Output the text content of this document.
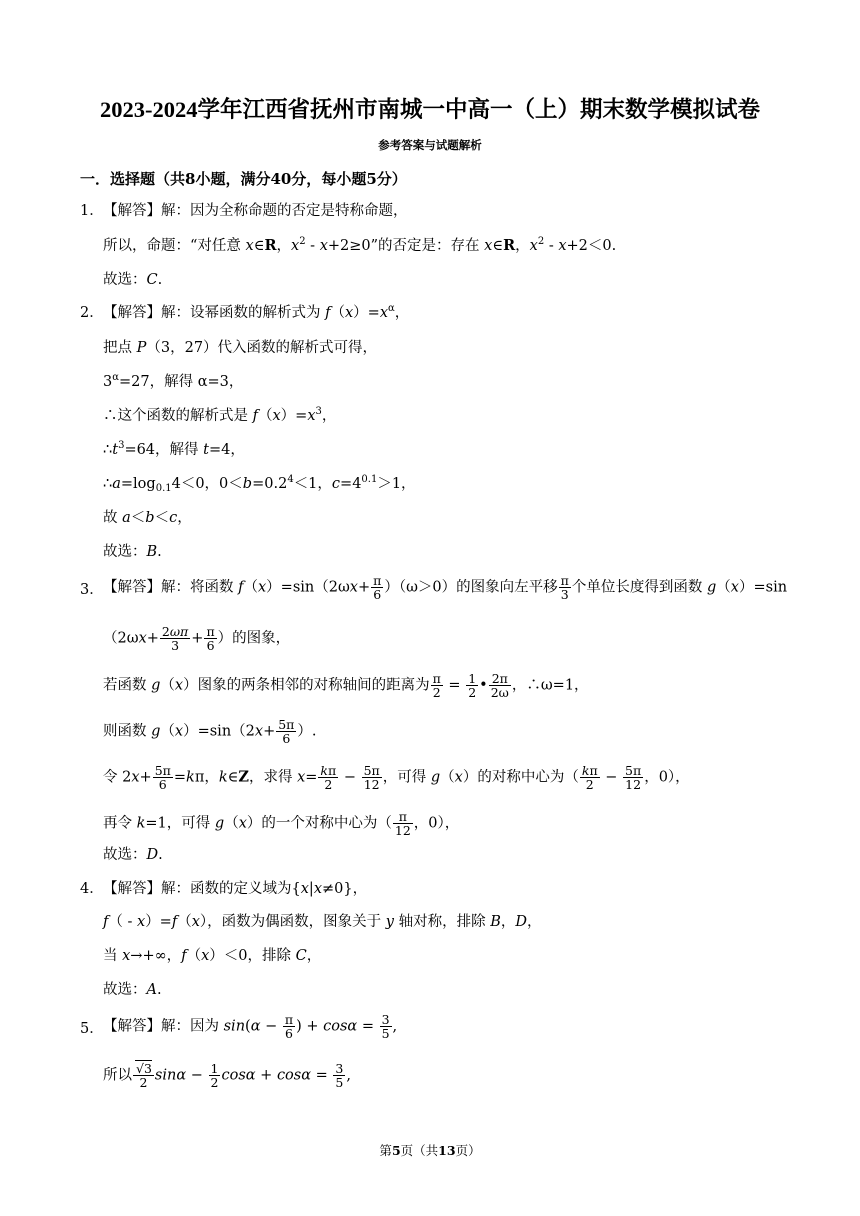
2023-2024学年江西省抚州市南城一中高一（上）期末数学模拟试卷
参考答案与试题解析
一．选择题（共8小题，满分40分，每小题5分）
1． 【解答】解：因为全称命题的否定是特称命题，
所以，命题：“对任意 x∈R，$x^2 - x+2\ge 0$”的否定是：存在 x∈R，$x^2 - x+2<0$.
故选：C.
2． 【解答】解：设幂函数的解析式为 $f(x)=x^\alpha$，
把点 P（3，27）代入函数的解析式可得，
$3^\alpha=27$，解得 α=3，
∴这个函数的解析式是 $f(x)=x^3$，
$\therefore t^3=64$，解得 t=4，
$\therefore a=\log_{0.1}4<0$，$0<b=0.2^4<1$，$c=4^{0.1}>1$，
故 a＜b＜c，
故选：B.
3． 【解答】解：将函数 $f(x)=\sin(2\omega x+ \frac{\pi}{6} )(\omega>0)$的图象向左平移 $\frac{\pi}{3}$ 个单位长度得到函数 g（x）=sin
（$2\omega x+ \frac{2\omega\pi}{3} + \frac{\pi}{6}$ ）的图象，
若函数 g（x）图象的两条相邻的对称轴间的距离为 $\frac{\pi}{2} = \frac{1}{2}$ • $\frac{2\pi}{2\omega}$ ，∴ω=1，
则函数 $g(x)=\sin(2x+ \frac{5\pi}{6}$ ）.
令 $2x+ \frac{5\pi}{6} =k\pi$，k∈Z，求得 $x= \frac{k\pi}{2} - \frac{5\pi}{12}$ ，可得 g（x）的对称中心为（ $\frac{k\pi}{2} - \frac{5\pi}{12}$ ，0），
再令 k=1，可得 g（x）的一个对称中心为（ $\frac{\pi}{12}$ ，0），
故选：D.
4． 【解答】解：函数的定义域为{x|x≠0}，
f（ - x）=f（x），函数为偶函数，图象关于 y 轴对称，排除 B，D，
当 x→+∞，f（x）＜0，排除 C，
故选：A.
5． 【解答】解：因为 $\sin(\alpha - \frac{\pi}{6}$ ) + $\cos\alpha = \frac{3}{5}$ ,
所以 $\frac{√3}{2}$ $\sin\alpha - \frac{1}{2}$ $\cos\alpha + \cos\alpha = \frac{3}{5}$ ,
第5页（共13页）
